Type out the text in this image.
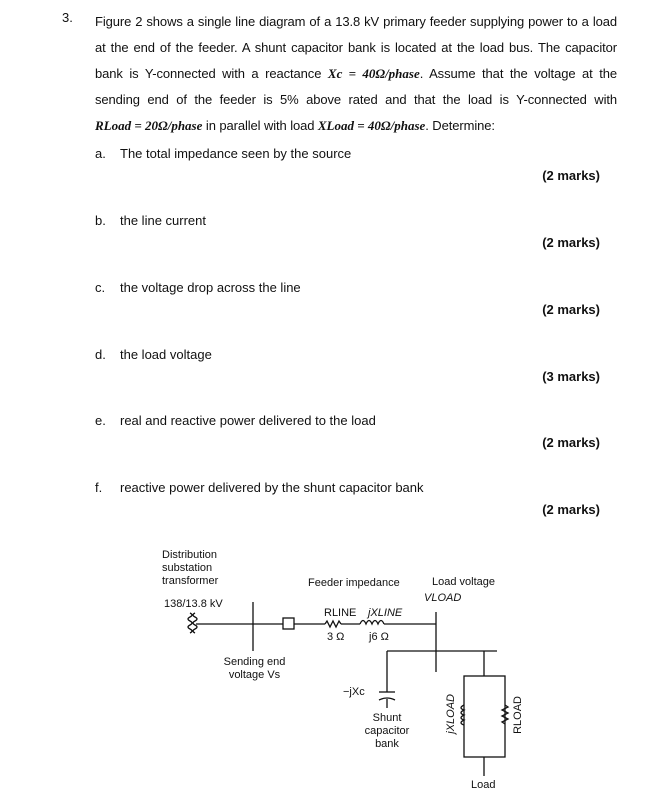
3. Figure 2 shows a single line diagram of a 13.8 kV primary feeder supplying power to a load at the end of the feeder. A shunt capacitor bank is located at the load bus. The capacitor bank is Y-connected with a reactance Xc = 40Ω/phase. Assume that the voltage at the sending end of the feeder is 5% above rated and that the load is Y-connected with RLoad = 20Ω/phase in parallel with load XLoad = 40Ω/phase. Determine:
a. The total impedance seen by the source
(2 marks)
b. the line current
(2 marks)
c. the voltage drop across the line
(2 marks)
d. the load voltage
(3 marks)
e. real and reactive power delivered to the load
(2 marks)
f. reactive power delivered by the shunt capacitor bank
(2 marks)
Distribution substation transformer
138/13.8 kV
Feeder impedance
RLINE jXLINE
3 Ω j6 Ω
Load voltage
VLOAD
Sending end voltage Vs
−jXc
Shunt capacitor bank
jXLOAD	RLOAD
Load
